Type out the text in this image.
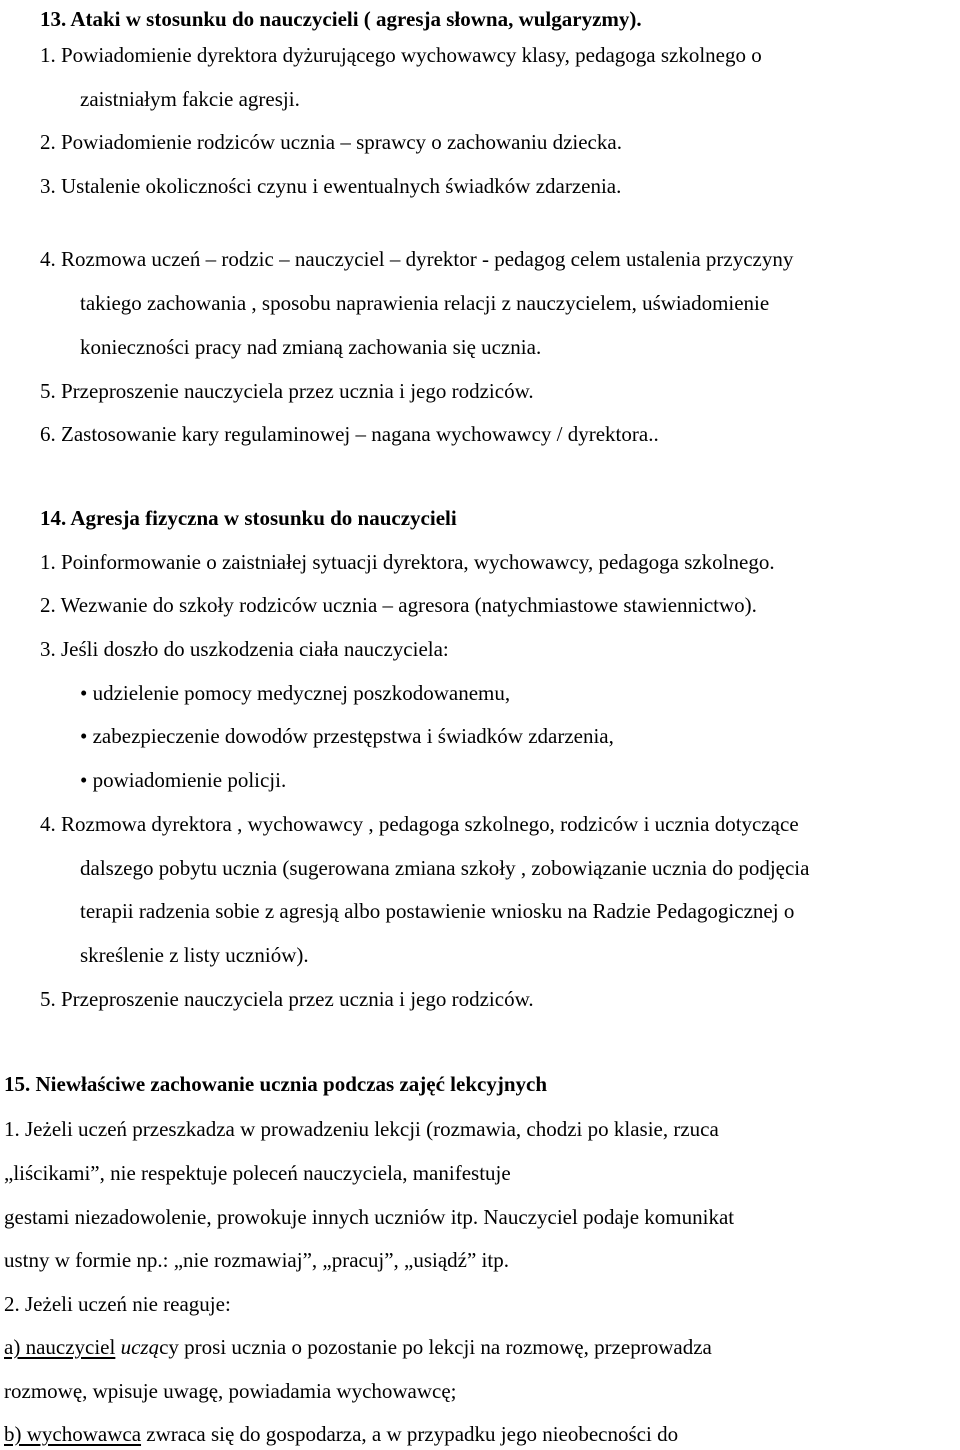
13. Ataki w stosunku do nauczycieli ( agresja słowna, wulgaryzmy).
1. Powiadomienie dyrektora dyżurującego wychowawcy klasy, pedagoga szkolnego o
zaistniałym fakcie agresji.
2. Powiadomienie rodziców ucznia – sprawcy o zachowaniu dziecka.
3. Ustalenie okoliczności czynu i ewentualnych świadków zdarzenia.
4. Rozmowa uczeń – rodzic – nauczyciel – dyrektor - pedagog celem ustalenia przyczyny
takiego zachowania , sposobu naprawienia relacji z nauczycielem, uświadomienie
konieczności pracy nad zmianą zachowania się ucznia.
5. Przeproszenie nauczyciela przez ucznia i jego rodziców.
6. Zastosowanie kary regulaminowej – nagana wychowawcy / dyrektora..
14. Agresja fizyczna w stosunku do nauczycieli
1. Poinformowanie o zaistniałej sytuacji dyrektora, wychowawcy, pedagoga szkolnego.
2. Wezwanie do szkoły rodziców ucznia – agresora (natychmiastowe stawiennictwo).
3. Jeśli doszło do uszkodzenia ciała nauczyciela:
• udzielenie pomocy medycznej poszkodowanemu,
• zabezpieczenie dowodów przestępstwa i świadków zdarzenia,
• powiadomienie policji.
4. Rozmowa dyrektora , wychowawcy , pedagoga szkolnego, rodziców i ucznia dotyczące
dalszego pobytu ucznia (sugerowana zmiana szkoły , zobowiązanie ucznia do podjęcia
terapii radzenia sobie z agresją albo postawienie wniosku na Radzie Pedagogicznej o
skreślenie z listy uczniów).
5. Przeproszenie nauczyciela przez ucznia i jego rodziców.
15. Niewłaściwe zachowanie ucznia podczas zajęć lekcyjnych
1. Jeżeli uczeń przeszkadza w prowadzeniu lekcji (rozmawia, chodzi po klasie, rzuca
„liścikami”, nie respektuje poleceń nauczyciela, manifestuje
gestami niezadowolenie, prowokuje innych uczniów itp. Nauczyciel podaje komunikat
ustny w formie np.: „nie rozmawiaj”, „pracuj”, „usiądź” itp.
2. Jeżeli uczeń nie reaguje:
a) nauczyciel uczący prosi ucznia o pozostanie po lekcji na rozmowę, przeprowadza
rozmowę, wpisuje uwagę, powiadamia wychowawcę;
b) wychowawca zwraca się do gospodarza, a w przypadku jego nieobecności do
